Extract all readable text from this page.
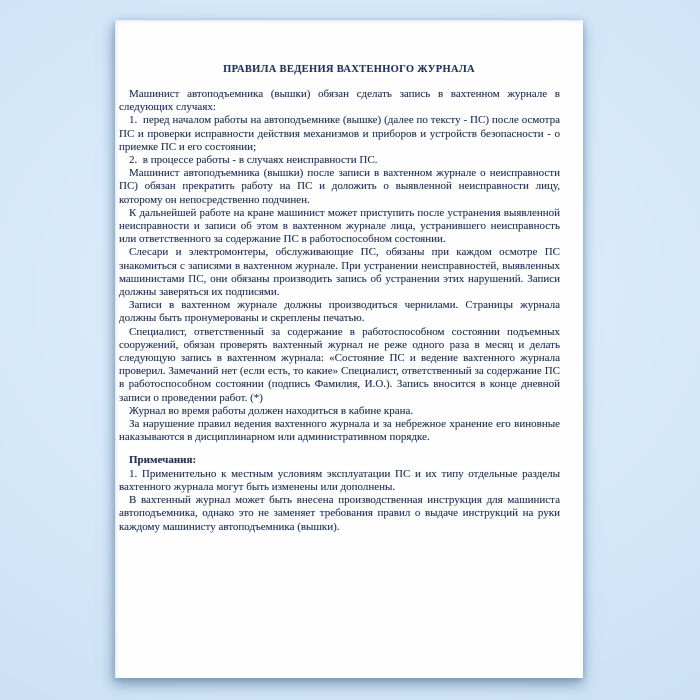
ПРАВИЛА ВЕДЕНИЯ ВАХТЕННОГО ЖУРНАЛА

Машинист автоподъемника (вышки) обязан сделать запись в вахтенном журнале в следующих случаях:

1.  перед началом работы на автоподъемнике (вышке) (далее по тексту - ПС) после осмотра ПС и проверки исправности действия механизмов и приборов и устройств безопасности - о приемке ПС и его состоянии;

2.  в процессе работы - в случаях неисправности ПС.

Машинист автоподъемника (вышки) после записи в вахтенном журнале о неисправности ПС) обязан прекратить работу на ПС и доложить о выявленной неисправности лицу, которому он непосредственно подчинен.

К дальнейшей работе на кране машинист может приступить после устранения выявленной неисправности и записи об этом в вахтенном журнале лица, устранившего неисправность или ответственного за содержание ПС в работоспособном состоянии.

Слесари и электромонтеры, обслуживающие ПС, обязаны при каждом осмотре ПС знакомиться с записями в вахтенном журнале. При устранении неисправностей, выявленных машинистами ПС, они обязаны производить запись об устранении этих нарушений. Записи должны заверяться их подписями.

Записи в вахтенном журнале должны производиться чернилами. Страницы журнала должны быть пронумерованы и скреплены печатью.

Специалист, ответственный за содержание в работоспособном состоянии подъемных сооружений, обязан проверять вахтенный журнал не реже одного раза в месяц и делать следующую запись в вахтенном журнала: «Состояние ПС и ведение вахтенного журнала проверил. Замечаний нет (если есть, то какие» Специалист, ответственный за содержание ПС в работоспособном состоянии (подпись Фамилия, И.О.). Запись вносится в конце дневной записи о проведении работ. (*)

Журнал во время работы должен находиться в кабине крана.

За нарушение правил ведения вахтенного журнала и за небрежное хранение его виновные наказываются в дисциплинарном или административном порядке.

Примечания:

1. Применительно к местным условиям эксплуатации ПС и их типу отдельные разделы вахтенного журнала могут быть изменены или дополнены.

В вахтенный журнал может быть внесена производственная инструкция для машиниста автоподъемника, однако это не заменяет требования правил о выдаче инструкций на руки каждому машинисту автоподъемника (вышки).
